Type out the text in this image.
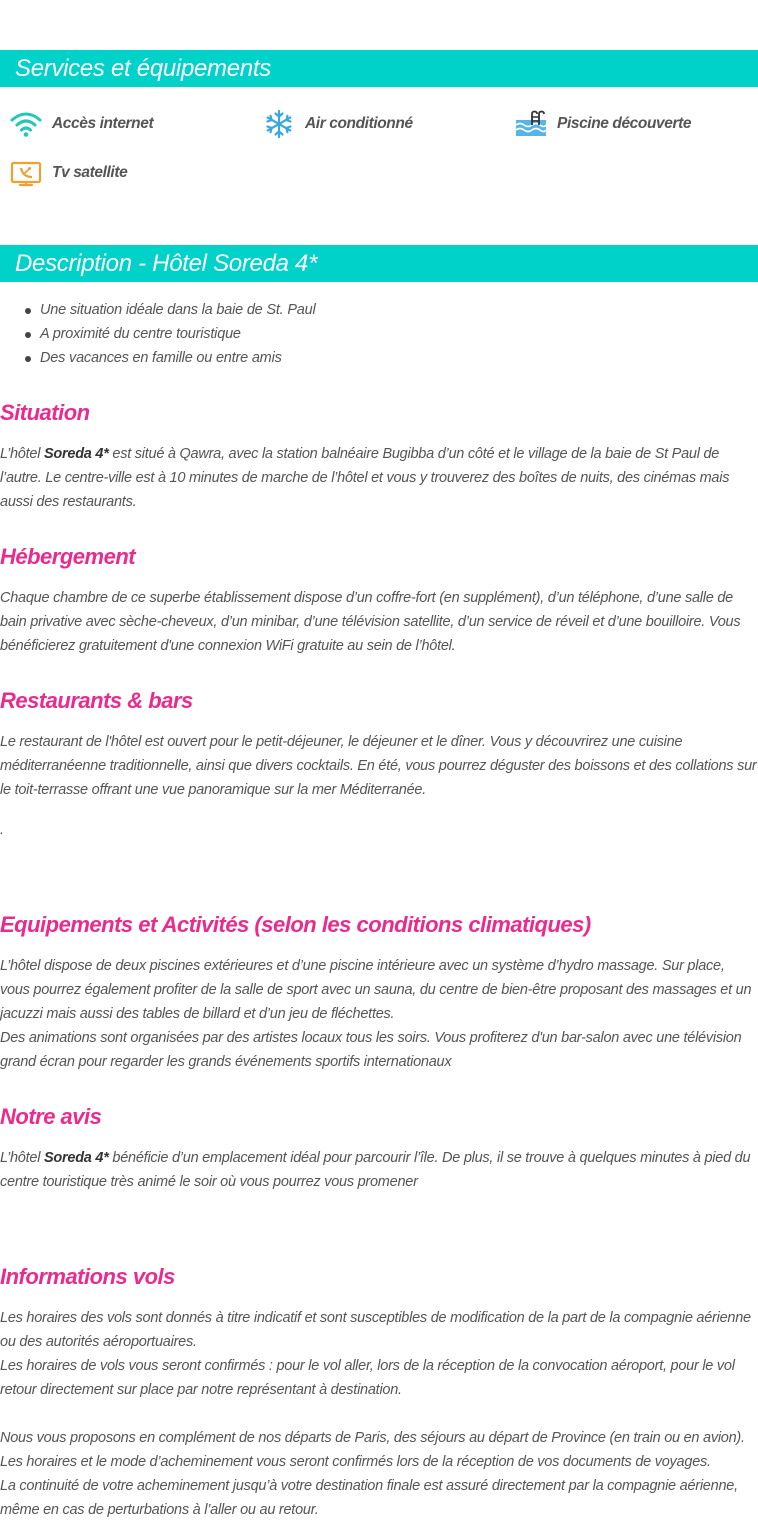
Services et équipements
Accès internet	Air conditionné	Piscine découverte
Tv satellite
Description - Hôtel Soreda 4*
Une situation idéale dans la baie de St. Paul
A proximité du centre touristique
Des vacances en famille ou entre amis
Situation

L’hôtel Soreda 4* est situé à Qawra, avec la station balnéaire Bugibba d’un côté et le village de la baie de St Paul de l’autre. Le centre-ville est à 10 minutes de marche de l’hôtel et vous y trouverez des boîtes de nuits, des cinémas mais aussi des restaurants.

Hébergement

Chaque chambre de ce superbe établissement dispose d’un coffre-fort (en supplément), d’un téléphone, d’une salle de bain privative avec sèche-cheveux, d’un minibar, d’une télévision satellite, d’un service de réveil et d’une bouilloire. Vous bénéficierez gratuitement d'une connexion WiFi gratuite au sein de l’hôtel.

Restaurants & bars

Le restaurant de l'hôtel est ouvert pour le petit-déjeuner, le déjeuner et le dîner. Vous y découvrirez une cuisine méditerranéenne traditionnelle, ainsi que divers cocktails. En été, vous pourrez déguster des boissons et des collations sur le toit-terrasse offrant une vue panoramique sur la mer Méditerranée.

.

Equipements et Activités (selon les conditions climatiques)

L’hôtel dispose de deux piscines extérieures et d’une piscine intérieure avec un système d’hydro massage. Sur place, vous pourrez également profiter de la salle de sport avec un sauna, du centre de bien-être proposant des massages et un jacuzzi mais aussi des tables de billard et d’un jeu de fléchettes.

Des animations sont organisées par des artistes locaux tous les soirs. Vous profiterez d'un bar-salon avec une télévision grand écran pour regarder les grands événements sportifs internationaux

Notre avis

L’hôtel Soreda 4* bénéficie d’un emplacement idéal pour parcourir l’île. De plus, il se trouve à quelques minutes à pied du centre touristique très animé le soir où vous pourrez vous promener

Informations vols

Les horaires des vols sont donnés à titre indicatif et sont susceptibles de modification de la part de la compagnie aérienne ou des autorités aéroportuaires.

Les horaires de vols vous seront confirmés : pour le vol aller, lors de la réception de la convocation aéroport, pour le vol retour directement sur place par notre représentant à destination.

Nous vous proposons en complément de nos départs de Paris, des séjours au départ de Province (en train ou en avion).

Les horaires et le mode d’acheminement vous seront confirmés lors de la réception de vos documents de voyages.

La continuité de votre acheminement jusqu’à votre destination finale est assuré directement par la compagnie aérienne, même en cas de perturbations à l’aller ou au retour.
